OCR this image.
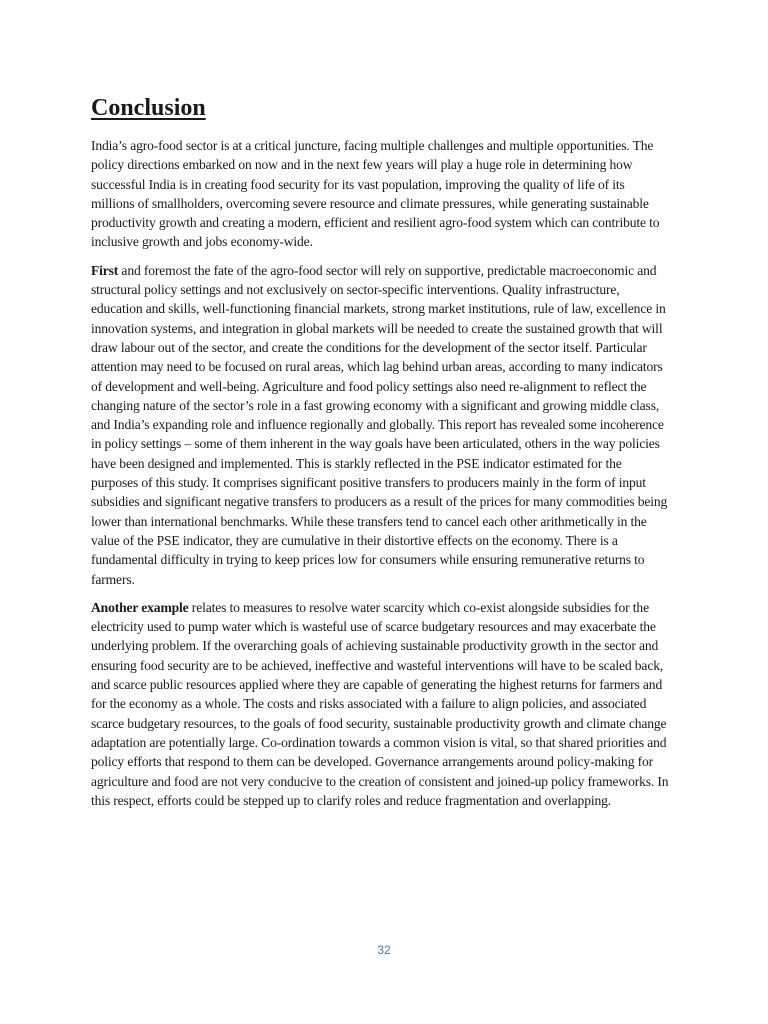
Conclusion

India’s agro-food sector is at a critical juncture, facing multiple challenges and multiple opportunities. The policy directions embarked on now and in the next few years will play a huge role in determining how successful India is in creating food security for its vast population, improving the quality of life of its millions of smallholders, overcoming severe resource and climate pressures, while generating sustainable productivity growth and creating a modern, efficient and resilient agro-food system which can contribute to inclusive growth and jobs economy-wide.

First and foremost the fate of the agro-food sector will rely on supportive, predictable macroeconomic and structural policy settings and not exclusively on sector-specific interventions. Quality infrastructure, education and skills, well-functioning financial markets, strong market institutions, rule of law, excellence in innovation systems, and integration in global markets will be needed to create the sustained growth that will draw labour out of the sector, and create the conditions for the development of the sector itself. Particular attention may need to be focused on rural areas, which lag behind urban areas, according to many indicators of development and well-being. Agriculture and food policy settings also need re-alignment to reflect the changing nature of the sector’s role in a fast growing economy with a significant and growing middle class, and India’s expanding role and influence regionally and globally. This report has revealed some incoherence in policy settings – some of them inherent in the way goals have been articulated, others in the way policies have been designed and implemented. This is starkly reflected in the PSE indicator estimated for the purposes of this study. It comprises significant positive transfers to producers mainly in the form of input subsidies and significant negative transfers to producers as a result of the prices for many commodities being lower than international benchmarks. While these transfers tend to cancel each other arithmetically in the value of the PSE indicator, they are cumulative in their distortive effects on the economy. There is a fundamental difficulty in trying to keep prices low for consumers while ensuring remunerative returns to farmers.

Another example relates to measures to resolve water scarcity which co-exist alongside subsidies for the electricity used to pump water which is wasteful use of scarce budgetary resources and may exacerbate the underlying problem. If the overarching goals of achieving sustainable productivity growth in the sector and ensuring food security are to be achieved, ineffective and wasteful interventions will have to be scaled back, and scarce public resources applied where they are capable of generating the highest returns for farmers and for the economy as a whole. The costs and risks associated with a failure to align policies, and associated scarce budgetary resources, to the goals of food security, sustainable productivity growth and climate change adaptation are potentially large. Co-ordination towards a common vision is vital, so that shared priorities and policy efforts that respond to them can be developed. Governance arrangements around policy-making for agriculture and food are not very conducive to the creation of consistent and joined-up policy frameworks. In this respect, efforts could be stepped up to clarify roles and reduce fragmentation and overlapping.

32
